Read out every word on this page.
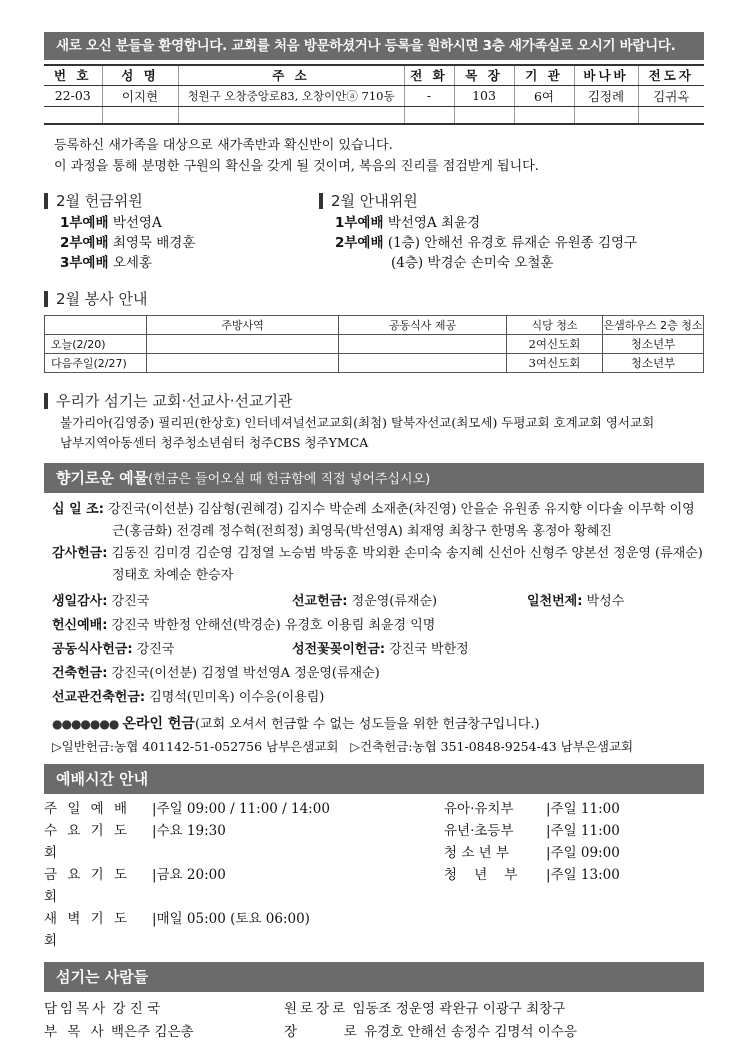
새로 오신 분들을 환영합니다. 교회를 처음 방문하셨거나 등록을 원하시면 3층 새가족실로 오시기 바랍니다.
번 호	성 명	주 소	전 화	목 장	기 관	바나바	전도자
22-03	이지현	청원구 오창중앙로83, 오창이안ⓐ 710동	-	103	6여	김정례	김귀옥

등록하신 새가족을 대상으로 새가족반과 확신반이 있습니다.
이 과정을 통해 분명한 구원의 확신을 갖게 될 것이며, 복음의 진리를 점검받게 됩니다.
2월 헌금위원
1부예배 박선영A
2부예배 최영묵 배경훈
3부예배 오세홍
2월 안내위원
1부예배 박선영A 최윤경
2부예배 (1층) 안해선 유경호 류재순 유원종 김영구
(4층) 박경순 손미숙 오철훈
2월 봉사 안내
	주방사역	공동식사 제공	식당 청소	은샘하우스 2층 청소
오늘(2/20)			2여신도회	청소년부
다음주일(2/27)			3여신도회	청소년부
우리가 섬기는 교회·선교사·선교기관
불가리아(김영중) 필리핀(한상호) 인터네셔널선교교회(최첨) 탈북자선교(최모세) 두평교회 호계교회 영서교회
남부지역아동센터 청주청소년쉼터 청주CBS 청주YMCA
향기로운 예물(헌금은 들어오실 때 헌금함에 직접 넣어주십시오)
십 일 조: 강진국(이선분) 김삼형(권혜경) 김지수 박순례 소재춘(차진영) 안을순 유원종 유지향 이다솔 이무학 이영근(홍금화) 전경례 정수혁(전희정) 최영묵(박선영A) 최재영 최창구 한명옥 홍정아 황혜진
감사헌금: 김동진 김미경 김순영 김정열 노승범 박동훈 박외환 손미숙 송지혜 신선아 신형주 양본선 정운영 (류재순) 정태호 차예순 한승자
생일감사: 강진국	선교헌금: 정운영(류재순)	일천번제: 박성수
헌신예배: 강진국 박한정 안해선(박경순) 유경호 이용림 최윤경 익명
공동식사헌금: 강진국	성전꽃꽂이헌금: 강진국 박한정
건축헌금: 강진국(이선분) 김정열 박선영A 정운영(류재순)
선교관건축헌금: 김명석(민미옥) 이수응(이용림)
●●●●●●● 온라인 헌금(교회 오셔서 헌금할 수 없는 성도들을 위한 헌금창구입니다.)
▷일반헌금:농협 401142-51-052756 남부은샘교회 ▷건축헌금:농협 351-0848-9254-43 남부은샘교회
예배시간 안내
주 일 예 배	| 주일 09:00 / 11:00 / 14:00
수 요 기 도 회
| 수요 19:30
금 요 기 도 회
| 금요 20:00
새 벽 기 도 회
| 매일 05:00 (토요 06:00)
유아·유치부	| 주일 11:00
유년·초등부	| 주일 11:00
청 소 년 부	| 주일 09:00
청    년    부	| 주일 13:00
섬기는 사람들
담임목사 강 진 국
부 목 사 백은주 김은총
원로장로 임동조 정운영 곽완규 이광구 최창구
장      로 유경호 안해선 송정수 김명석 이수응
